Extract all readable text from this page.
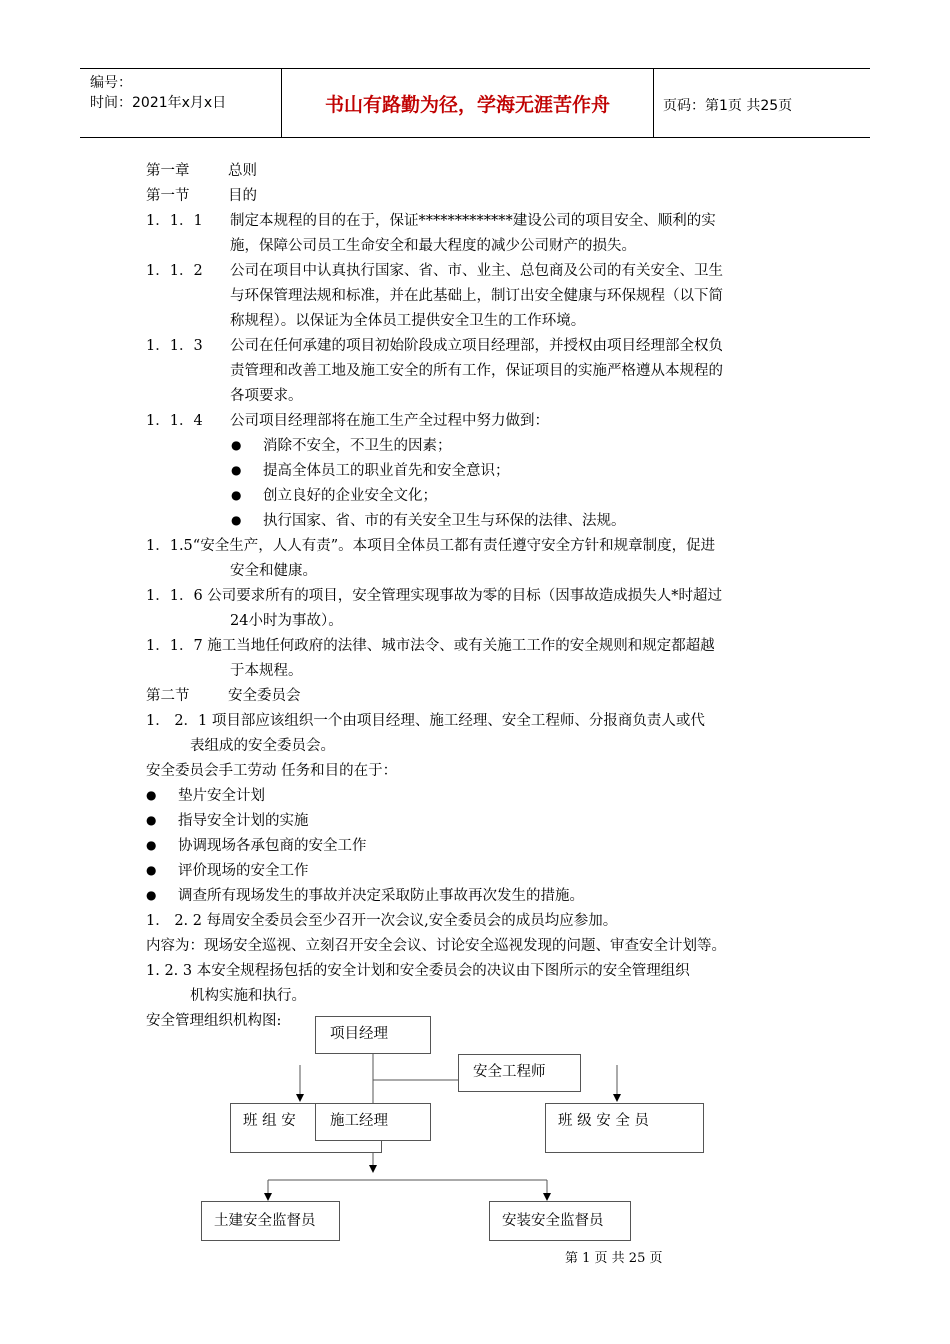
编号：
时间：2021年x月x日	书山有路勤为径，学海无涯苦作舟	页码：第1页 共25页
第一章	总则
第一节	目的
1．1．1 制定本规程的目的在于，保证*************建设公司的项目安全、顺利的实
施，保障公司员工生命安全和最大程度的减少公司财产的损失。
1．1．2 公司在项目中认真执行国家、省、市、业主、总包商及公司的有关安全、卫生
与环保管理法规和标准，并在此基础上，制订出安全健康与环保规程（以下简
称规程）。以保证为全体员工提供安全卫生的工作环境。
1．1．3 公司在任何承建的项目初始阶段成立项目经理部，并授权由项目经理部全权负
责管理和改善工地及施工安全的所有工作，保证项目的实施严格遵从本规程的
各项要求。
1．1．4 公司项目经理部将在施工生产全过程中努力做到：
● 消除不安全，不卫生的因素；
● 提高全体员工的职业首先和安全意识；
● 创立良好的企业安全文化；
● 执行国家、省、市的有关安全卫生与环保的法律、法规。
1．1.5“安全生产，人人有责”。本项目全体员工都有责任遵守安全方针和规章制度，促进
安全和健康。
1．1．6 公司要求所有的项目，安全管理实现事故为零的目标（因事故造成损失人*时超过
24小时为事故）。
1．1．7 施工当地任何政府的法律、城市法令、或有关施工工作的安全规则和规定都超越
于本规程。
第二节	安全委员会
1． 2．1 项目部应该组织一个由项目经理、施工经理、安全工程师、分报商负责人或代
表组成的安全委员会。
安全委员会手工劳动 任务和目的在于：
● 垫片安全计划
● 指导安全计划的实施
● 协调现场各承包商的安全工作
● 评价现场的安全工作
● 调查所有现场发生的事故并决定采取防止事故再次发生的措施。
1． 2. 2 每周安全委员会至少召开一次会议,安全委员会的成员均应参加。
内容为：现场安全巡视、立刻召开安全会议、讨论安全巡视发现的问题、审查安全计划等。
1. 2. 3 本安全规程扬包括的安全计划和安全委员会的决议由下图所示的安全管理组织
机构实施和执行。
安全管理组织机构图:
班 组 安
项目经理
安全工程师
施工经理	班 级 安 全 员
土建安全监督员	安装安全监督员
第 1 页 共 25 页
